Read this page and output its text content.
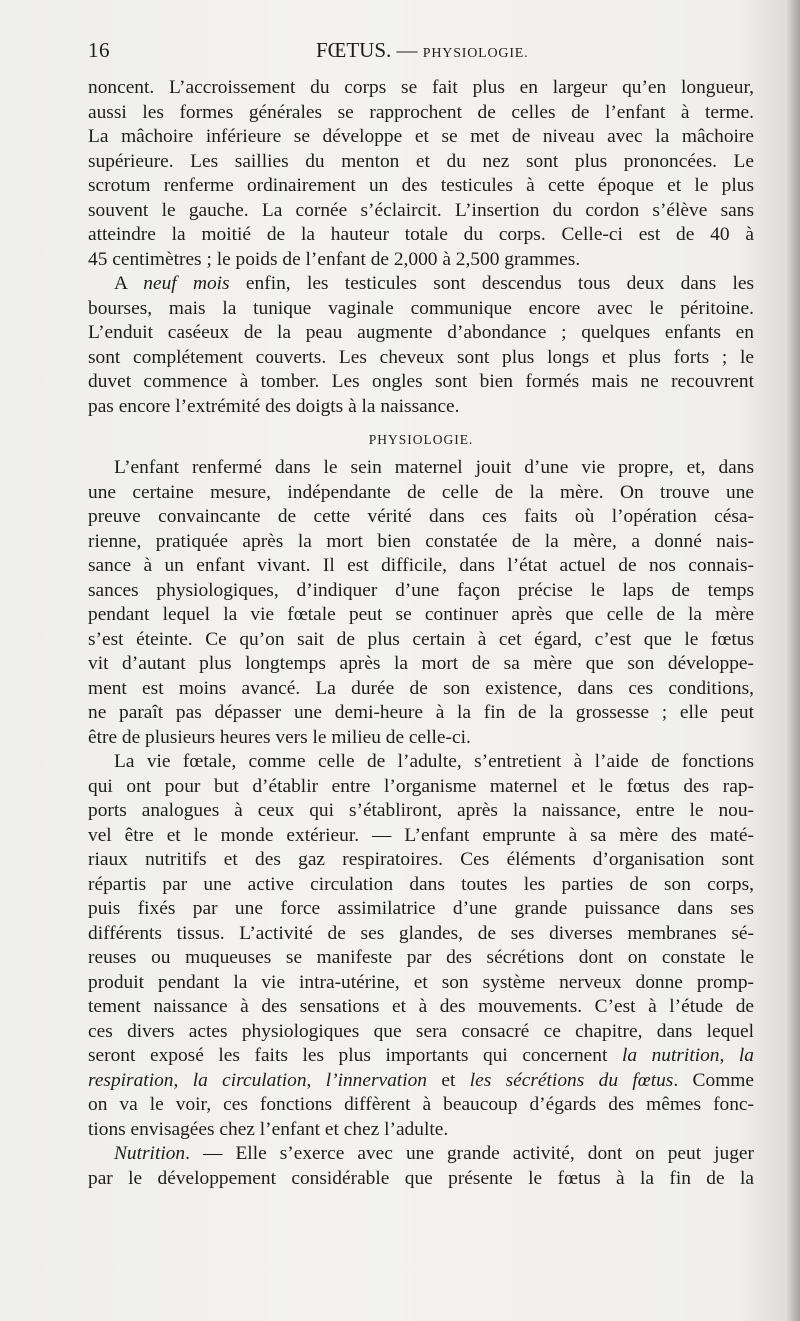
16	FŒTUS. — PHYSIOLOGIE.
noncent. L’accroissement du corps se fait plus en largeur qu’en longueur,
aussi les formes générales se rapprochent de celles de l’enfant à terme.
La mâchoire inférieure se développe et se met de niveau avec la mâchoire
supérieure. Les saillies du menton et du nez sont plus prononcées. Le
scrotum renferme ordinairement un des testicules à cette époque et le plus
souvent le gauche. La cornée s’éclaircit. L’insertion du cordon s’élève sans
atteindre la moitié de la hauteur totale du corps. Celle-ci est de 40 à
45 centimètres ; le poids de l’enfant de 2,000 à 2,500 grammes.
A neuf mois enfin, les testicules sont descendus tous deux dans les
bourses, mais la tunique vaginale communique encore avec le péritoine.
L’enduit caséeux de la peau augmente d’abondance ; quelques enfants en
sont complétement couverts. Les cheveux sont plus longs et plus forts ; le
duvet commence à tomber. Les ongles sont bien formés mais ne recouvrent
pas encore l’extrémité des doigts à la naissance.
PHYSIOLOGIE.
L’enfant renfermé dans le sein maternel jouit d’une vie propre, et, dans
une certaine mesure, indépendante de celle de la mère. On trouve une
preuve convaincante de cette vérité dans ces faits où l’opération césa-
rienne, pratiquée après la mort bien constatée de la mère, a donné nais-
sance à un enfant vivant. Il est difficile, dans l’état actuel de nos connais-
sances physiologiques, d’indiquer d’une façon précise le laps de temps
pendant lequel la vie fœtale peut se continuer après que celle de la mère
s’est éteinte. Ce qu’on sait de plus certain à cet égard, c’est que le fœtus
vit d’autant plus longtemps après la mort de sa mère que son développe-
ment est moins avancé. La durée de son existence, dans ces conditions,
ne paraît pas dépasser une demi-heure à la fin de la grossesse ; elle peut
être de plusieurs heures vers le milieu de celle-ci.
La vie fœtale, comme celle de l’adulte, s’entretient à l’aide de fonctions
qui ont pour but d’établir entre l’organisme maternel et le fœtus des rap-
ports analogues à ceux qui s’établiront, après la naissance, entre le nou-
vel être et le monde extérieur. — L’enfant emprunte à sa mère des maté-
riaux nutritifs et des gaz respiratoires. Ces éléments d’organisation sont
répartis par une active circulation dans toutes les parties de son corps,
puis fixés par une force assimilatrice d’une grande puissance dans ses
différents tissus. L’activité de ses glandes, de ses diverses membranes sé-
reuses ou muqueuses se manifeste par des sécrétions dont on constate le
produit pendant la vie intra-utérine, et son système nerveux donne promp-
tement naissance à des sensations et à des mouvements. C’est à l’étude de
ces divers actes physiologiques que sera consacré ce chapitre, dans lequel
seront exposé les faits les plus importants qui concernent la nutrition, la
respiration, la circulation, l’innervation et les sécrétions du fœtus. Comme
on va le voir, ces fonctions diffèrent à beaucoup d’égards des mêmes fonc-
tions envisagées chez l’enfant et chez l’adulte.
Nutrition. — Elle s’exerce avec une grande activité, dont on peut juger
par le développement considérable que présente le fœtus à la fin de la
